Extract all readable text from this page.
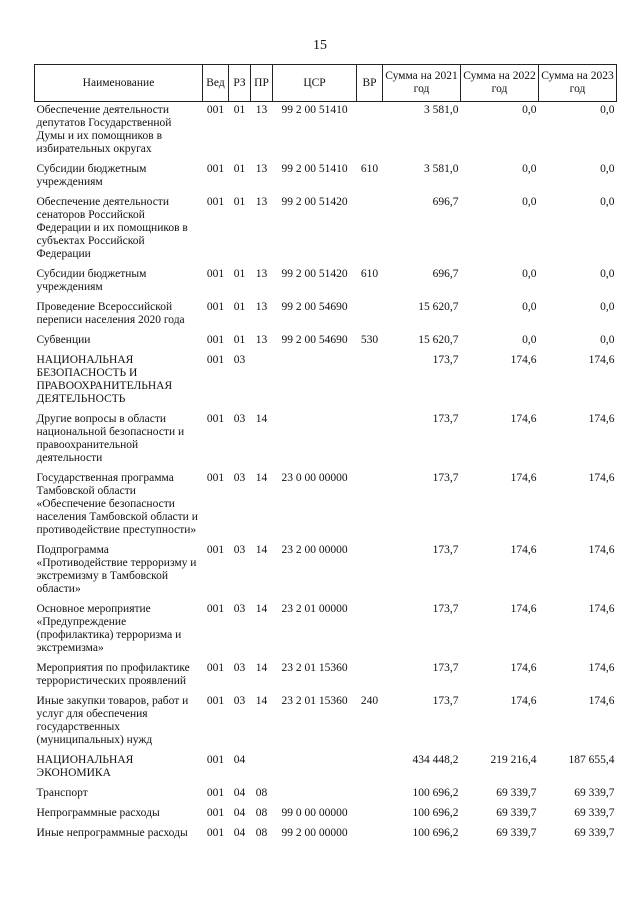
15
Наименование	Вед	РЗ	ПР	ЦСР	ВР	Сумма на 2021 год	Сумма на 2022 год	Сумма на 2023 год
Обеспечение деятельности депутатов Государственной Думы и их помощников в избирательных округах	001	01	13	99 2 00 51410		3 581,0	0,0	0,0
Субсидии бюджетным учреждениям	001	01	13	99 2 00 51410	610	3 581,0	0,0	0,0
Обеспечение деятельности сенаторов Российской Федерации и их помощников в субъектах Российской Федерации	001	01	13	99 2 00 51420		696,7	0,0	0,0
Субсидии бюджетным учреждениям	001	01	13	99 2 00 51420	610	696,7	0,0	0,0
Проведение Всероссийской переписи населения 2020 года	001	01	13	99 2 00 54690		15 620,7	0,0	0,0
Субвенции	001	01	13	99 2 00 54690	530	15 620,7	0,0	0,0
НАЦИОНАЛЬНАЯ БЕЗОПАСНОСТЬ И ПРАВООХРАНИТЕЛЬНАЯ ДЕЯТЕЛЬНОСТЬ	001	03				173,7	174,6	174,6
Другие вопросы в области национальной безопасности и правоохранительной деятельности	001	03	14			173,7	174,6	174,6
Государственная программа Тамбовской области «Обеспечение безопасности населения Тамбовской области и противодействие преступности»	001	03	14	23 0 00 00000		173,7	174,6	174,6
Подпрограмма «Противодействие терроризму и экстремизму в Тамбовской области»	001	03	14	23 2 00 00000		173,7	174,6	174,6
Основное мероприятие «Предупреждение (профилактика) терроризма и экстремизма»	001	03	14	23 2 01 00000		173,7	174,6	174,6
Мероприятия по профилактике террористических проявлений	001	03	14	23 2 01 15360		173,7	174,6	174,6
Иные закупки товаров, работ и услуг для обеспечения государственных (муниципальных) нужд	001	03	14	23 2 01 15360	240	173,7	174,6	174,6
НАЦИОНАЛЬНАЯ ЭКОНОМИКА	001	04				434 448,2	219 216,4	187 655,4
Транспорт	001	04	08			100 696,2	69 339,7	69 339,7
Непрограммные расходы	001	04	08	99 0 00 00000		100 696,2	69 339,7	69 339,7
Иные непрограммные расходы	001	04	08	99 2 00 00000		100 696,2	69 339,7	69 339,7
